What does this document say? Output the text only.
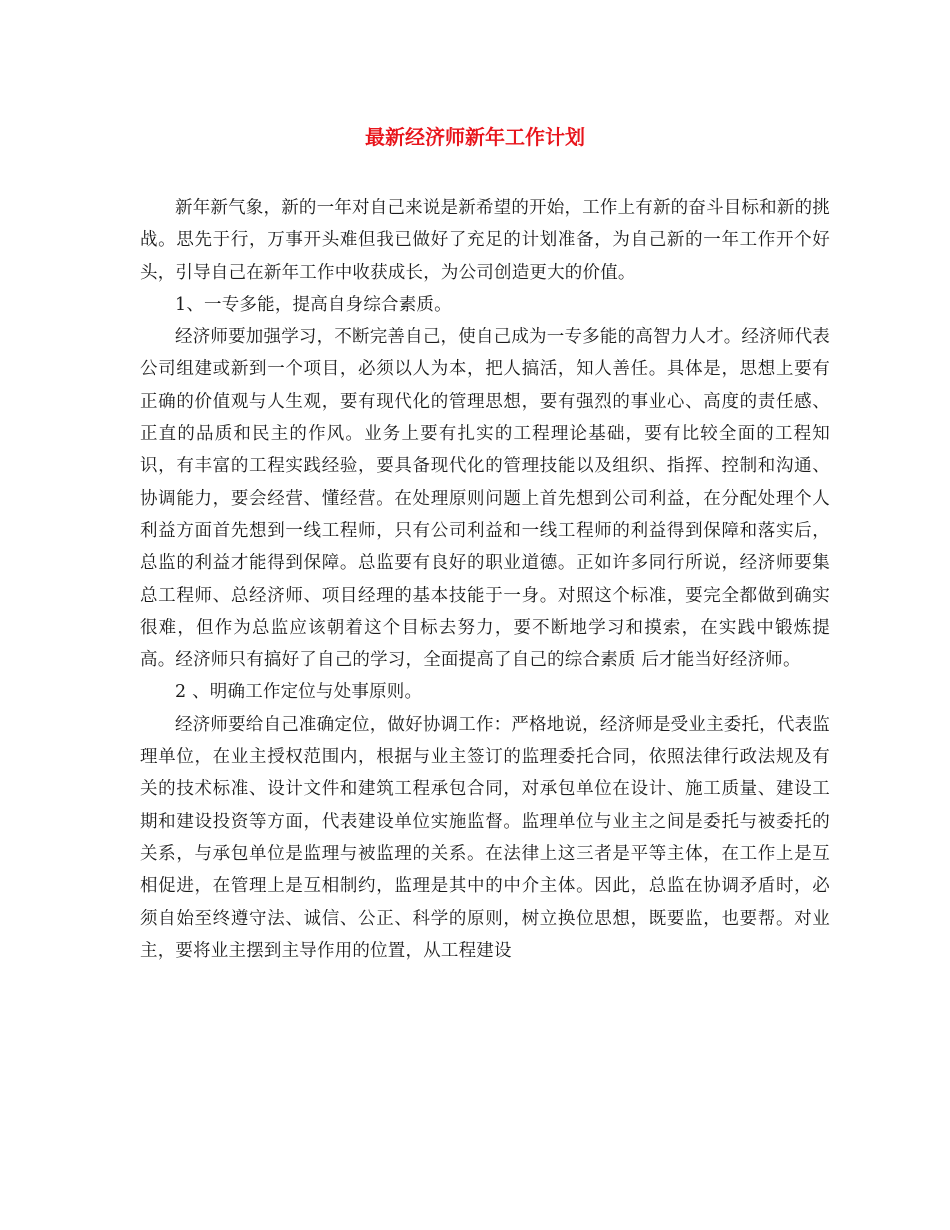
最新经济师新年工作计划

新年新气象，新的一年对自己来说是新希望的开始，工作上有新的奋斗目标和新的挑战。思先于行，万事开头难但我已做好了充足的计划准备，为自己新的一年工作开个好头，引导自己在新年工作中收获成长，为公司创造更大的价值。

1、一专多能，提高自身综合素质。

经济师要加强学习，不断完善自己，使自己成为一专多能的高智力人才。经济师代表公司组建或新到一个项目，必须以人为本，把人搞活，知人善任。具体是，思想上要有正确的价值观与人生观，要有现代化的管理思想，要有强烈的事业心、高度的责任感、正直的品质和民主的作风。业务上要有扎实的工程理论基础，要有比较全面的工程知识，有丰富的工程实践经验，要具备现代化的管理技能以及组织、指挥、控制和沟通、协调能力，要会经营、懂经营。在处理原则问题上首先想到公司利益，在分配处理个人利益方面首先想到一线工程师，只有公司利益和一线工程师的利益得到保障和落实后，总监的利益才能得到保障。总监要有良好的职业道德。正如许多同行所说，经济师要集总工程师、总经济师、项目经理的基本技能于一身。对照这个标准，要完全都做到确实很难，但作为总监应该朝着这个目标去努力，要不断地学习和摸索，在实践中锻炼提高。经济师只有搞好了自己的学习，全面提高了自己的综合素质 后才能当好经济师。

2 、明确工作定位与处事原则。

经济师要给自己准确定位，做好协调工作：严格地说，经济师是受业主委托，代表监理单位，在业主授权范围内，根据与业主签订的监理委托合同，依照法律行政法规及有关的技术标准、设计文件和建筑工程承包合同，对承包单位在设计、施工质量、建设工期和建设投资等方面，代表建设单位实施监督。监理单位与业主之间是委托与被委托的关系，与承包单位是监理与被监理的关系。在法律上这三者是平等主体，在工作上是互相促进，在管理上是互相制约，监理是其中的中介主体。因此，总监在协调矛盾时，必须自始至终遵守法、诚信、公正、科学的原则，树立换位思想，既要监，也要帮。对业主，要将业主摆到主导作用的位置，从工程建设
